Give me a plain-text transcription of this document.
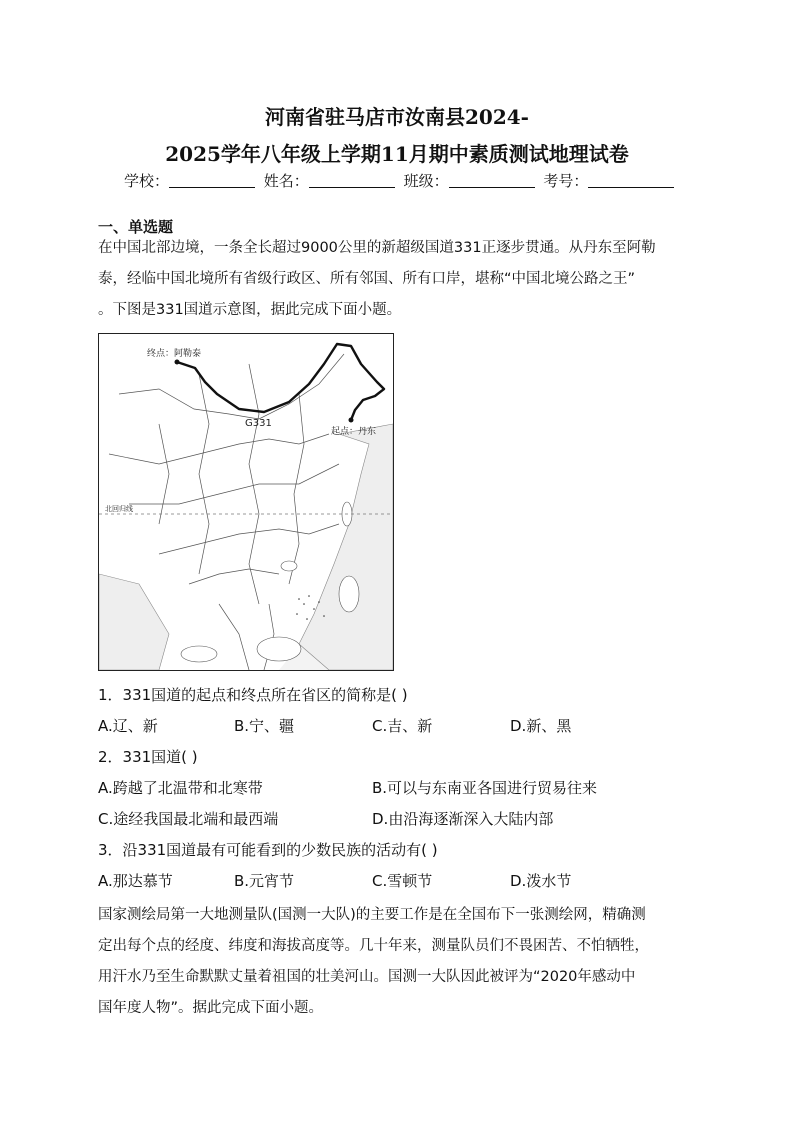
河南省驻马店市汝南县2024-
2025学年八年级上学期11月期中素质测试地理试卷
学校：	姓名：	班级：	考号：
一、单选题
在中国北部边境，一条全长超过9000公里的新超级国道331正逐步贯通。从丹东至阿勒
泰，经临中国北境所有省级行政区、所有邻国、所有口岸，堪称“中国北境公路之王”
。下图是331国道示意图，据此完成下面小题。
终点：阿勒泰
G331
起点：丹东
北回归线
1．331国道的起点和终点所在省区的简称是( )
A.辽、新	B.宁、疆	C.吉、新	D.新、黑
2．331国道( )
A.跨越了北温带和北寒带	B.可以与东南亚各国进行贸易往来
C.途经我国最北端和最西端	D.由沿海逐渐深入大陆内部
3．沿331国道最有可能看到的少数民族的活动有( )
A.那达慕节	B.元宵节	C.雪顿节	D.泼水节
国家测绘局第一大地测量队(国测一大队)的主要工作是在全国布下一张测绘网，精确测
定出每个点的经度、纬度和海拔高度等。几十年来，测量队员们不畏困苦、不怕牺牲，
用汗水乃至生命默默丈量着祖国的壮美河山。国测一大队因此被评为“2020年感动中
国年度人物”。据此完成下面小题。
